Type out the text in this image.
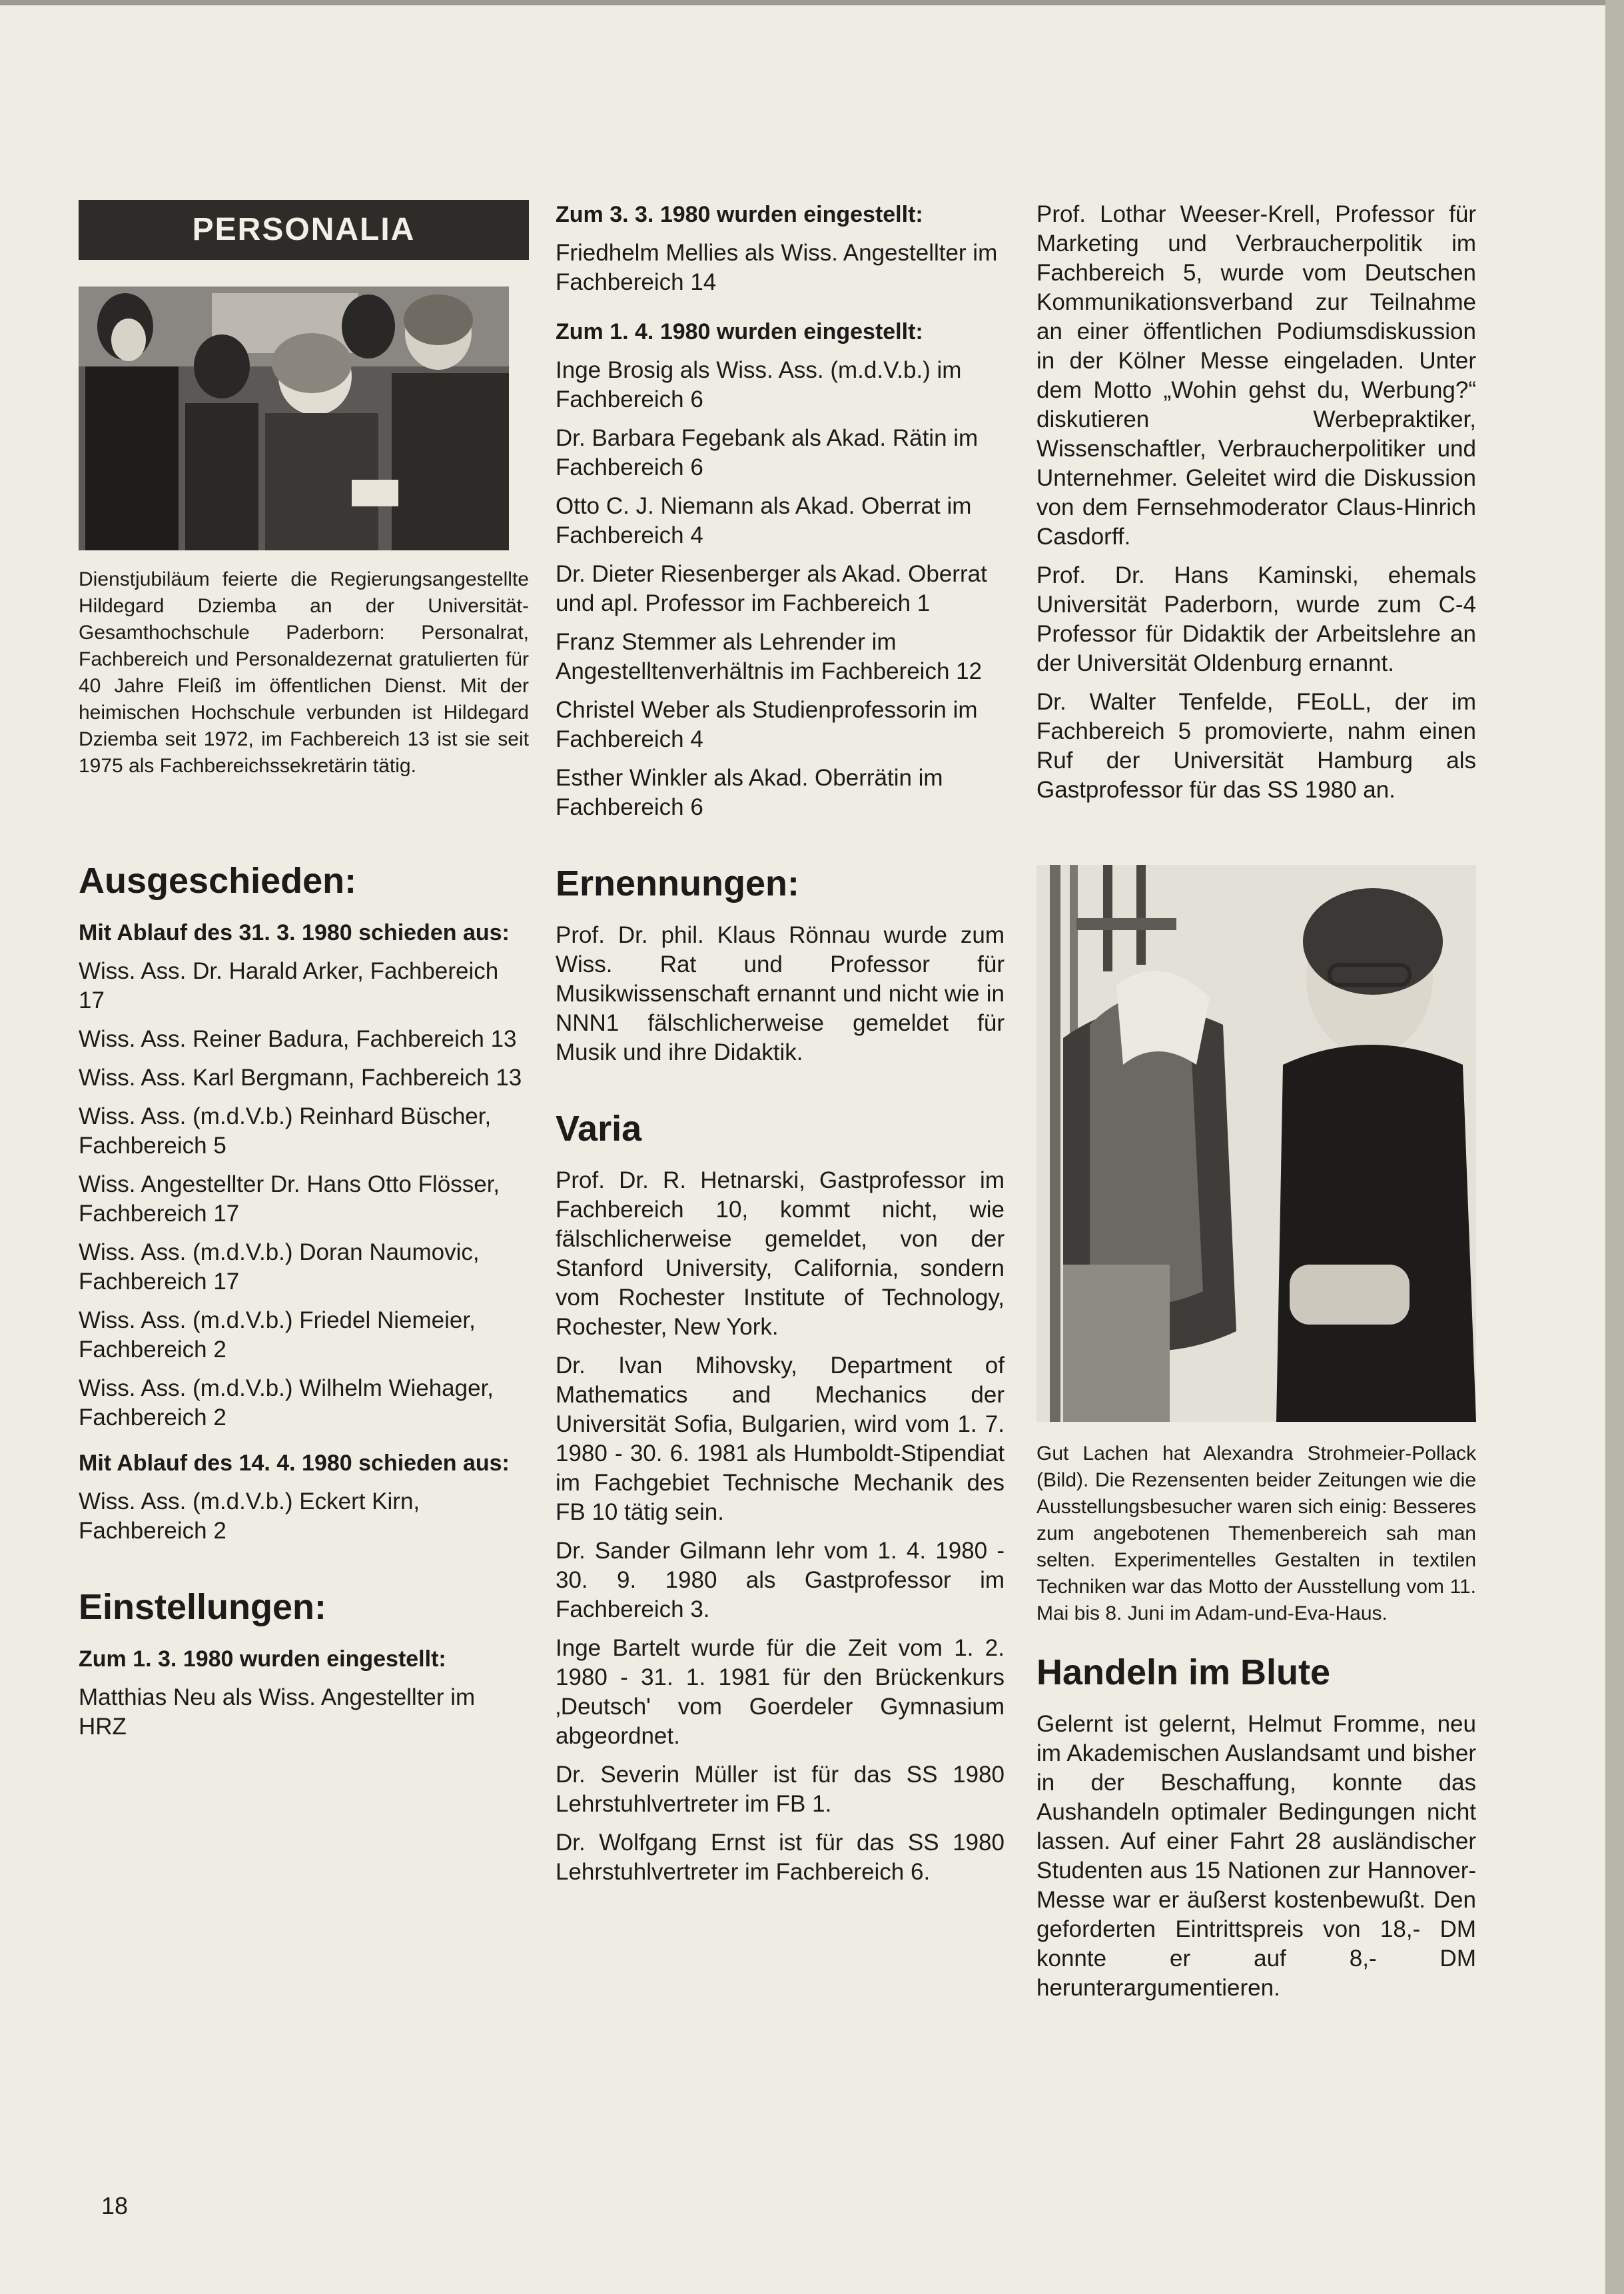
PERSONALIA

Dienstjubiläum feierte die Regierungsangestellte Hildegard Dziemba an der Universität-Gesamthochschule Paderborn: Personalrat, Fachbereich und Personaldezernat gratulierten für 40 Jahre Fleiß im öffentlichen Dienst. Mit der heimischen Hochschule verbunden ist Hildegard Dziemba seit 1972, im Fachbereich 13 ist sie seit 1975 als Fachbereichssekretärin tätig.

Ausgeschieden:
Mit Ablauf des 31. 3. 1980 schieden aus:

Wiss. Ass. Dr. Harald Arker, Fachbereich 17

Wiss. Ass. Reiner Badura, Fachbereich 13

Wiss. Ass. Karl Bergmann, Fachbereich 13

Wiss. Ass. (m.d.V.b.) Reinhard Büscher, Fachbereich 5

Wiss. Angestellter Dr. Hans Otto Flösser, Fachbereich 17

Wiss. Ass. (m.d.V.b.) Doran Naumovic, Fachbereich 17

Wiss. Ass. (m.d.V.b.) Friedel Niemeier, Fachbereich 2

Wiss. Ass. (m.d.V.b.) Wilhelm Wiehager, Fachbereich 2

Mit Ablauf des 14. 4. 1980 schieden aus:

Wiss. Ass. (m.d.V.b.) Eckert Kirn, Fachbereich 2

Einstellungen:
Zum 1. 3. 1980 wurden eingestellt:

Matthias Neu als Wiss. Angestellter im HRZ

Zum 3. 3. 1980 wurden eingestellt:

Friedhelm Mellies als Wiss. Angestellter im Fachbereich 14

Zum 1. 4. 1980 wurden eingestellt:

Inge Brosig als Wiss. Ass. (m.d.V.b.) im Fachbereich 6

Dr. Barbara Fegebank als Akad. Rätin im Fachbereich 6

Otto C. J. Niemann als Akad. Oberrat im Fachbereich 4

Dr. Dieter Riesenberger als Akad. Oberrat und apl. Professor im Fachbereich 1

Franz Stemmer als Lehrender im Angestelltenverhältnis im Fachbereich 12

Christel Weber als Studienprofessorin im Fachbereich 4

Esther Winkler als Akad. Oberrätin im Fachbereich 6

Ernennungen:

Prof. Dr. phil. Klaus Rönnau wurde zum Wiss. Rat und Professor für Musikwissenschaft ernannt und nicht wie in NNN1 fälschlicherweise gemeldet für Musik und ihre Didaktik.

Varia

Prof. Dr. R. Hetnarski, Gastprofessor im Fachbereich 10, kommt nicht, wie fälschlicherweise gemeldet, von der Stanford University, California, sondern vom Rochester Institute of Technology, Rochester, New York.

Dr. Ivan Mihovsky, Department of Mathematics and Mechanics der Universität Sofia, Bulgarien, wird vom 1. 7. 1980 - 30. 6. 1981 als Humboldt-Stipendiat im Fachgebiet Technische Mechanik des FB 10 tätig sein.

Dr. Sander Gilmann lehr vom 1. 4. 1980 - 30. 9. 1980 als Gastprofessor im Fachbereich 3.

Inge Bartelt wurde für die Zeit vom 1. 2. 1980 - 31. 1. 1981 für den Brückenkurs ‚Deutsch' vom Goerdeler Gymnasium abgeordnet.

Dr. Severin Müller ist für das SS 1980 Lehrstuhlvertreter im FB 1.

Dr. Wolfgang Ernst ist für das SS 1980 Lehrstuhlvertreter im Fachbereich 6.

Prof. Lothar Weeser-Krell, Professor für Marketing und Verbraucherpolitik im Fachbereich 5, wurde vom Deutschen Kommunikationsverband zur Teilnahme an einer öffentlichen Podiumsdiskussion in der Kölner Messe eingeladen. Unter dem Motto „Wohin gehst du, Werbung?“ diskutieren Werbepraktiker, Wissenschaftler, Verbraucherpolitiker und Unternehmer. Geleitet wird die Diskussion von dem Fernsehmoderator Claus-Hinrich Casdorff.

Prof. Dr. Hans Kaminski, ehemals Universität Paderborn, wurde zum C-4 Professor für Didaktik der Arbeitslehre an der Universität Oldenburg ernannt.

Dr. Walter Tenfelde, FEoLL, der im Fachbereich 5 promovierte, nahm einen Ruf der Universität Hamburg als Gastprofessor für das SS 1980 an.

Gut Lachen hat Alexandra Strohmeier-Pollack (Bild). Die Rezensenten beider Zeitungen wie die Ausstellungsbesucher waren sich einig: Besseres zum angebotenen Themenbereich sah man selten. Experimentelles Gestalten in textilen Techniken war das Motto der Ausstellung vom 11. Mai bis 8. Juni im Adam-und-Eva-Haus.

Handeln im Blute

Gelernt ist gelernt, Helmut Fromme, neu im Akademischen Auslandsamt und bisher in der Beschaffung, konnte das Aushandeln optimaler Bedingungen nicht lassen. Auf einer Fahrt 28 ausländischer Studenten aus 15 Nationen zur Hannover-Messe war er äußerst kostenbewußt. Den geforderten Eintrittspreis von 18,- DM konnte er auf 8,- DM herunterargumentieren.

18
